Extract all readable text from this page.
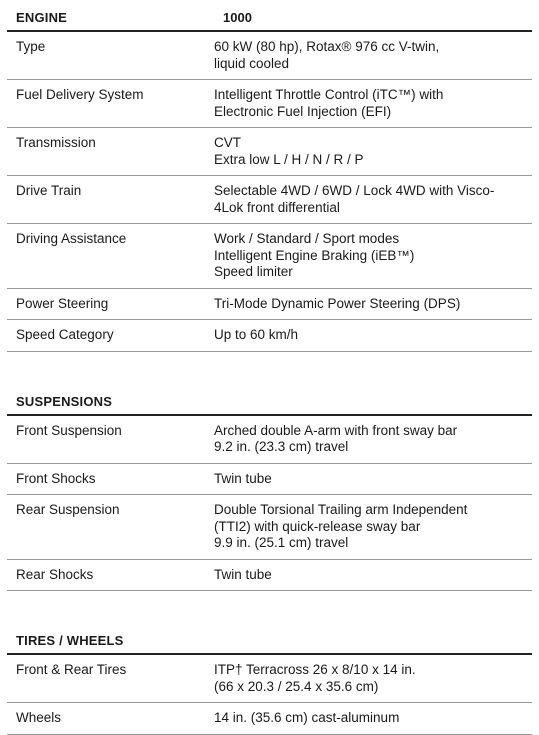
ENGINE	1000
Type	60 kW (80 hp), Rotax® 976 cc V-twin,
liquid cooled
Fuel Delivery System	Intelligent Throttle Control (iTC™) with
Electronic Fuel Injection (EFI)
Transmission	CVT
Extra low L / H / N / R / P
Drive Train	Selectable 4WD / 6WD / Lock 4WD with Visco-
4Lok front differential
Driving Assistance	Work / Standard / Sport modes
Intelligent Engine Braking (iEB™)
Speed limiter
Power Steering	Tri-Mode Dynamic Power Steering (DPS)
Speed Category	Up to 60 km/h
SUSPENSIONS
Front Suspension	Arched double A-arm with front sway bar
9.2 in. (23.3 cm) travel
Front Shocks	Twin tube
Rear Suspension	Double Torsional Trailing arm Independent
(TTI2) with quick-release sway bar
9.9 in. (25.1 cm) travel
Rear Shocks	Twin tube
TIRES / WHEELS
Front & Rear Tires	ITP† Terracross 26 x 8/10 x 14 in.
(66 x 20.3 / 25.4 x 35.6 cm)
Wheels	14 in. (35.6 cm) cast-aluminum
